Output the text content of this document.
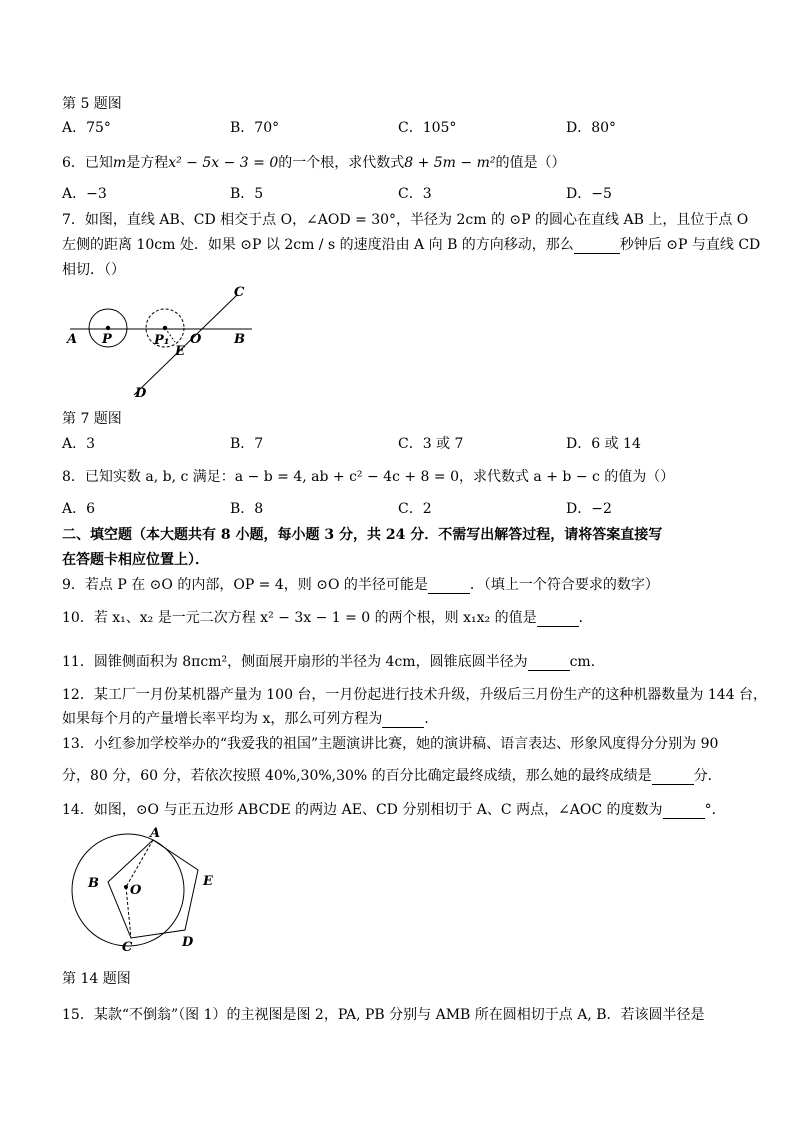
第 5 题图
A．75°	B．70°	C．105°	D．80°
6．已知m是方程x² − 5x − 3 = 0的一个根，求代数式8 + 5m − m²的值是（）
A．−3	B．5	C．3	D．−5
7．如图，直线 AB、CD 相交于点 O，∠AOD = 30°，半径为 2cm 的 ⊙P 的圆心在直线 AB 上，且位于点 O
左侧的距离 10cm 处．如果 ⊙P 以 2cm / s 的速度沿由 A 向 B 的方向移动，那么	秒钟后 ⊙P 与直线 CD
相切．（）
A P	P₁
E
O	B
C
D
第 7 题图
A．3	B．7	C．3 或 7	D．6 或 14
8．已知实数 a, b, c 满足：a − b = 4, ab + c² − 4c + 8 = 0，求代数式 a + b − c 的值为（）
A．6	B．8	C．2	D．−2
二、填空题（本大题共有 8 小题，每小题 3 分，共 24 分．不需写出解答过程，请将答案直接写
在答题卡相应位置上）．
9．若点 P 在 ⊙O 的内部，OP = 4，则 ⊙O 的半径可能是	．（填上一个符合要求的数字）
10．若 x₁、x₂ 是一元二次方程 x² − 3x − 1 = 0 的两个根，则 x₁x₂ 的值是	．
11．圆锥侧面积为 8πcm²，侧面展开扇形的半径为 4cm，圆锥底圆半径为	cm．
12．某工厂一月份某机器产量为 100 台，一月份起进行技术升级，升级后三月份生产的这种机器数量为 144 台，
如果每个月的产量增长率平均为 x，那么可列方程为	．
13．小红参加学校举办的“我爱我的祖国”主题演讲比赛，她的演讲稿、语言表达、形象风度得分分别为 90
分，80 分，60 分，若依次按照 40%,30%,30% 的百分比确定最终成绩，那么她的最终成绩是	分．
14．如图，⊙O 与正五边形 ABCDE 的两边 AE、CD 分别相切于 A、C 两点，∠AOC 的度数为	°．
A
B O
E
C	D
第 14 题图
15．某款“不倒翁”（图 1）的主视图是图 2，PA, PB 分别与 AMB 所在圆相切于点 A, B．若该圆半径是
